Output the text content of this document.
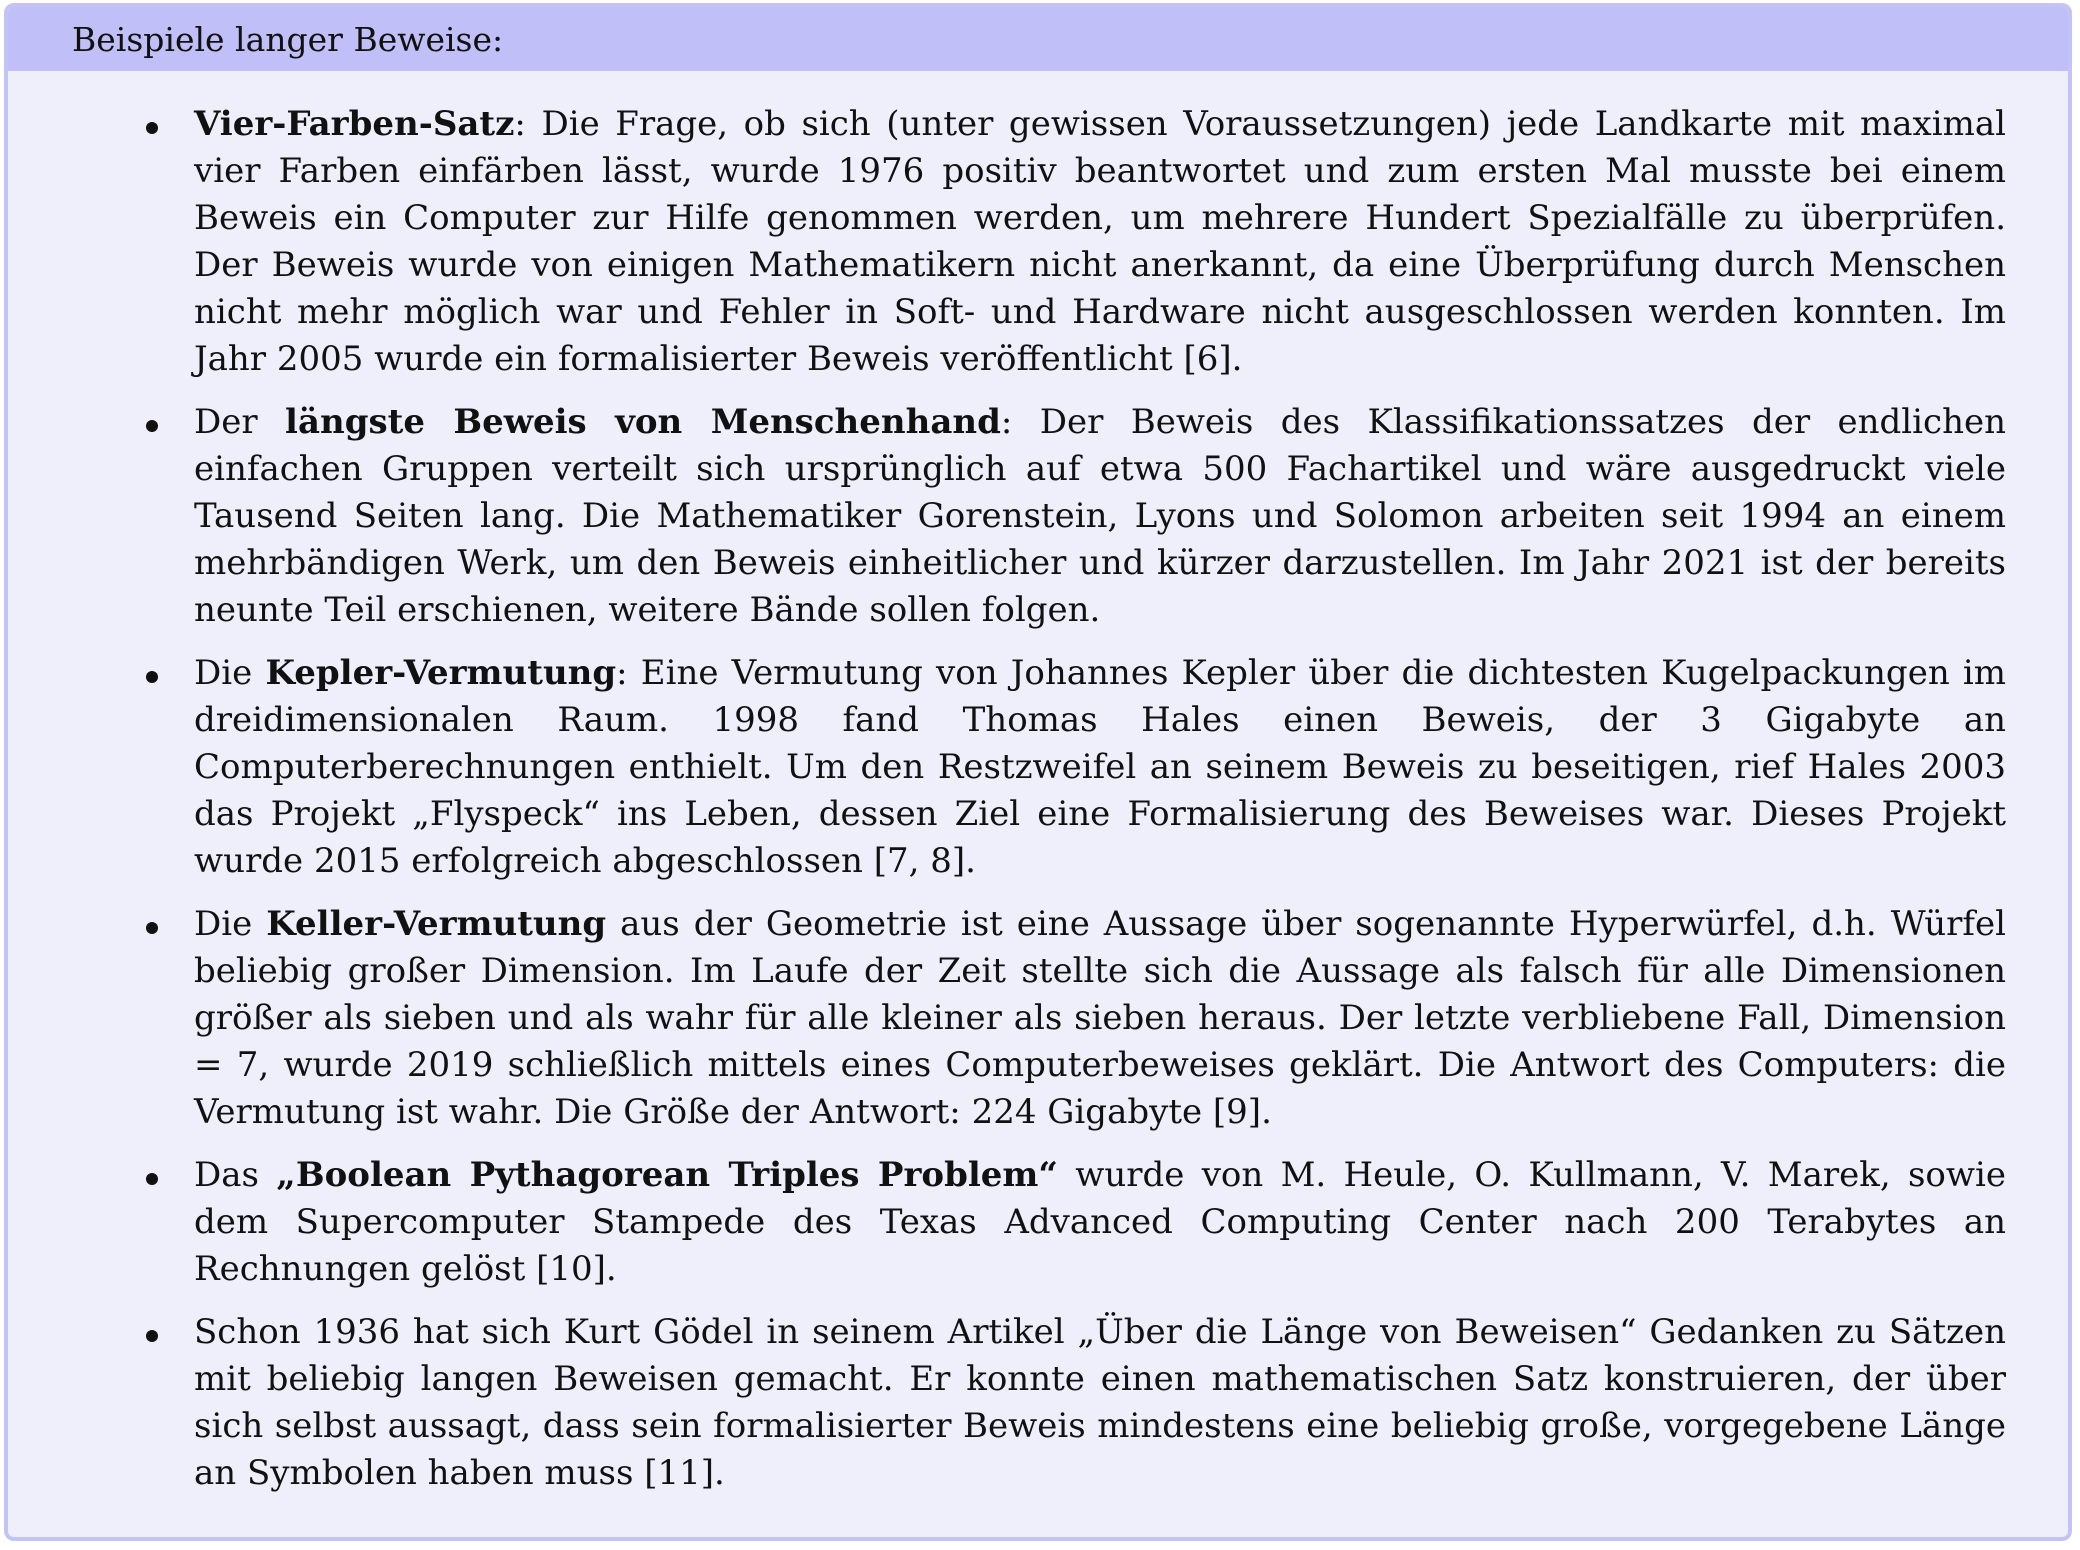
Beispiele langer Beweise:
Vier-Farben-Satz: Die Frage, ob sich (unter gewissen Voraussetzungen) jede Landkarte mit maximal vier Farben einfärben lässt, wurde 1976 positiv beantwortet und zum ersten Mal musste bei einem Beweis ein Computer zur Hilfe genommen werden, um mehrere Hundert Spezialfälle zu überprüfen. Der Beweis wurde von einigen Mathematikern nicht anerkannt, da eine Überprüfung durch Menschen nicht mehr möglich war und Fehler in Soft- und Hardware nicht ausgeschlossen werden konnten. Im Jahr 2005 wurde ein formalisierter Beweis veröffentlicht [6].
Der längste Beweis von Menschenhand: Der Beweis des Klassifikationssatzes der endlichen einfachen Gruppen verteilt sich ursprünglich auf etwa 500 Fachartikel und wäre ausgedruckt viele Tausend Seiten lang. Die Mathematiker Gorenstein, Lyons und Solomon arbeiten seit 1994 an einem mehrbändigen Werk, um den Beweis einheitlicher und kürzer darzustellen. Im Jahr 2021 ist der bereits neunte Teil erschienen, weitere Bände sollen folgen.
Die Kepler-Vermutung: Eine Vermutung von Johannes Kepler über die dichtesten Kugelpackungen im dreidimensionalen Raum. 1998 fand Thomas Hales einen Beweis, der 3 Gigabyte an Computerberechnungen enthielt. Um den Restzweifel an seinem Beweis zu beseitigen, rief Hales 2003 das Projekt „Flyspeck“ ins Leben, dessen Ziel eine Formalisierung des Beweises war. Dieses Projekt wurde 2015 erfolgreich abgeschlossen [7, 8].
Die Keller-Vermutung aus der Geometrie ist eine Aussage über sogenannte Hyperwürfel, d.h. Würfel beliebig großer Dimension. Im Laufe der Zeit stellte sich die Aussage als falsch für alle Dimensionen größer als sieben und als wahr für alle kleiner als sieben heraus. Der letzte verbliebene Fall, Dimension = 7, wurde 2019 schließlich mittels eines Computerbeweises geklärt. Die Antwort des Computers: die Vermutung ist wahr. Die Größe der Antwort: 224 Gigabyte [9].
Das „Boolean Pythagorean Triples Problem“ wurde von M. Heule, O. Kullmann, V. Marek, sowie dem Supercomputer Stampede des Texas Advanced Computing Center nach 200 Terabytes an Rechnungen gelöst [10].
Schon 1936 hat sich Kurt Gödel in seinem Artikel „Über die Länge von Beweisen“ Gedanken zu Sätzen mit beliebig langen Beweisen gemacht. Er konnte einen mathematischen Satz konstruieren, der über sich selbst aussagt, dass sein formalisierter Beweis mindestens eine beliebig große, vorgegebene Länge an Symbolen haben muss [11].
